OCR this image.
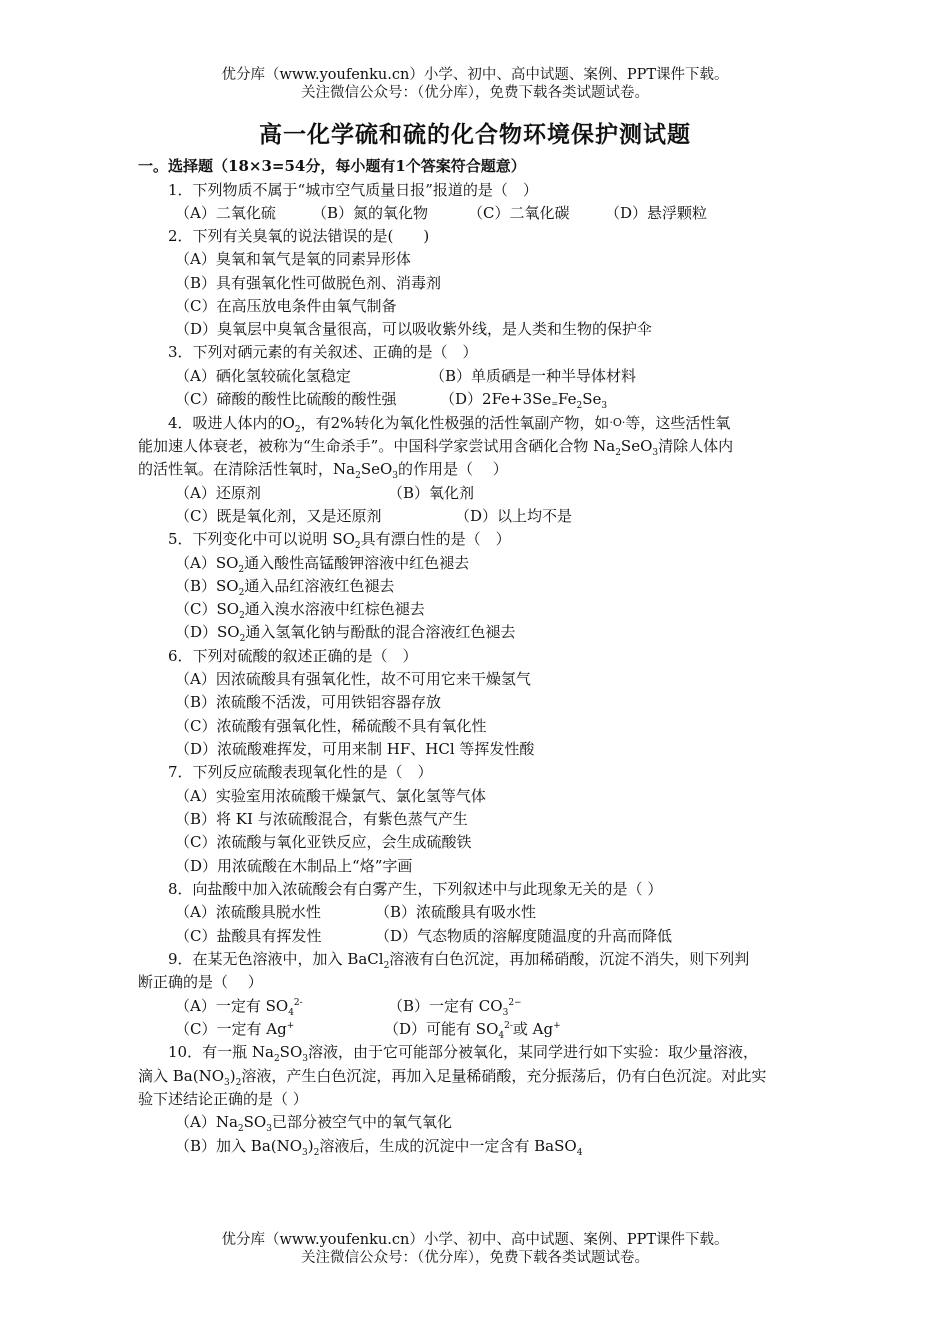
优分库（www.youfenku.cn）小学、初中、高中试题、案例、PPT课件下载。
关注微信公众号：（优分库），免费下载各类试题试卷。
高一化学硫和硫的化合物环境保护测试题
一。选择题（18×3=54分，每小题有1个答案符合题意）
1．下列物质不属于“城市空气质量日报”报道的是（　）
（A）二氧化硫 （B）氮的氧化物	（C）二氧化碳 （D）悬浮颗粒
2．下列有关臭氧的说法错误的是(　　)
（A）臭氧和氧气是氧的同素异形体
（B）具有强氧化性可做脱色剂、消毒剂
（C）在高压放电条件由氧气制备
（D）臭氧层中臭氧含量很高，可以吸收紫外线，是人类和生物的保护伞
3．下列对硒元素的有关叙述、正确的是（　）
（A）硒化氢较硫化氢稳定	（B）单质硒是一种半导体材料
（C）碲酸的酸性比硫酸的酸性强	$(D)2Fe+3Se=Fe_2Se_3$
4．吸进人体内的$O_2$，有2%转化为氧化性极强的活性氧副产物，如·O·等，这些活性氧
能加速人体衰老，被称为“生命杀手”。中国科学家尝试用含硒化合物 $Na_2SeO_3$清除人体内
的活性氧。在清除活性氧时，$Na_2SeO_3$的作用是（　 ）
（A）还原剂	（B）氧化剂
（C）既是氧化剂，又是还原剂	（D）以上均不是
5．下列变化中可以说明 $SO_2$具有漂白性的是（　）
$(A)SO_2$通入酸性高锰酸钾溶液中红色褪去
$(B)SO_2$通入品红溶液红色褪去
$(C)SO_2$通入溴水溶液中红棕色褪去
$(D)SO_2$通入氢氧化钠与酚酞的混合溶液红色褪去
6．下列对硫酸的叙述正确的是（　）
（A）因浓硫酸具有强氧化性，故不可用它来干燥氢气
（B）浓硫酸不活泼，可用铁铝容器存放
（C）浓硫酸有强氧化性，稀硫酸不具有氧化性
（D）浓硫酸难挥发，可用来制 HF、HCl 等挥发性酸
7．下列反应硫酸表现氧化性的是（　）
（A）实验室用浓硫酸干燥氯气、氯化氢等气体
（B）将 KI 与浓硫酸混合，有紫色蒸气产生
（C）浓硫酸与氧化亚铁反应，会生成硫酸铁
（D）用浓硫酸在木制品上“烙”字画
8．向盐酸中加入浓硫酸会有白雾产生，下列叙述中与此现象无关的是（ ）
（A）浓硫酸具脱水性	（B）浓硫酸具有吸水性
（C）盐酸具有挥发性	（D）气态物质的溶解度随温度的升高而降低
9．在某无色溶液中，加入 BaCl$_2$溶液有白色沉淀，再加稀硝酸，沉淀不消失，则下列判
断正确的是（　 ）
（A）一定有 $SO_4^{2-}$	（B）一定有 $CO_3^{2-}$
（C）一定有 Ag+	（D）可能有 $SO_4^{2-}$或 Ag+
10．有一瓶 $Na_2SO_3$溶液，由于它可能部分被氧化，某同学进行如下实验：取少量溶液，
滴入 $Ba(NO_3)_2$溶液，产生白色沉淀，再加入足量稀硝酸，充分振荡后，仍有白色沉淀。对此实
验下述结论正确的是（ ）
$(A)Na_2SO_3$已部分被空气中的氧气氧化
（B）加入 $Ba(NO_3)_2$溶液后，生成的沉淀中一定含有 BaSO$_4$
优分库（www.youfenku.cn）小学、初中、高中试题、案例、PPT课件下载。
关注微信公众号：（优分库），免费下载各类试题试卷。
